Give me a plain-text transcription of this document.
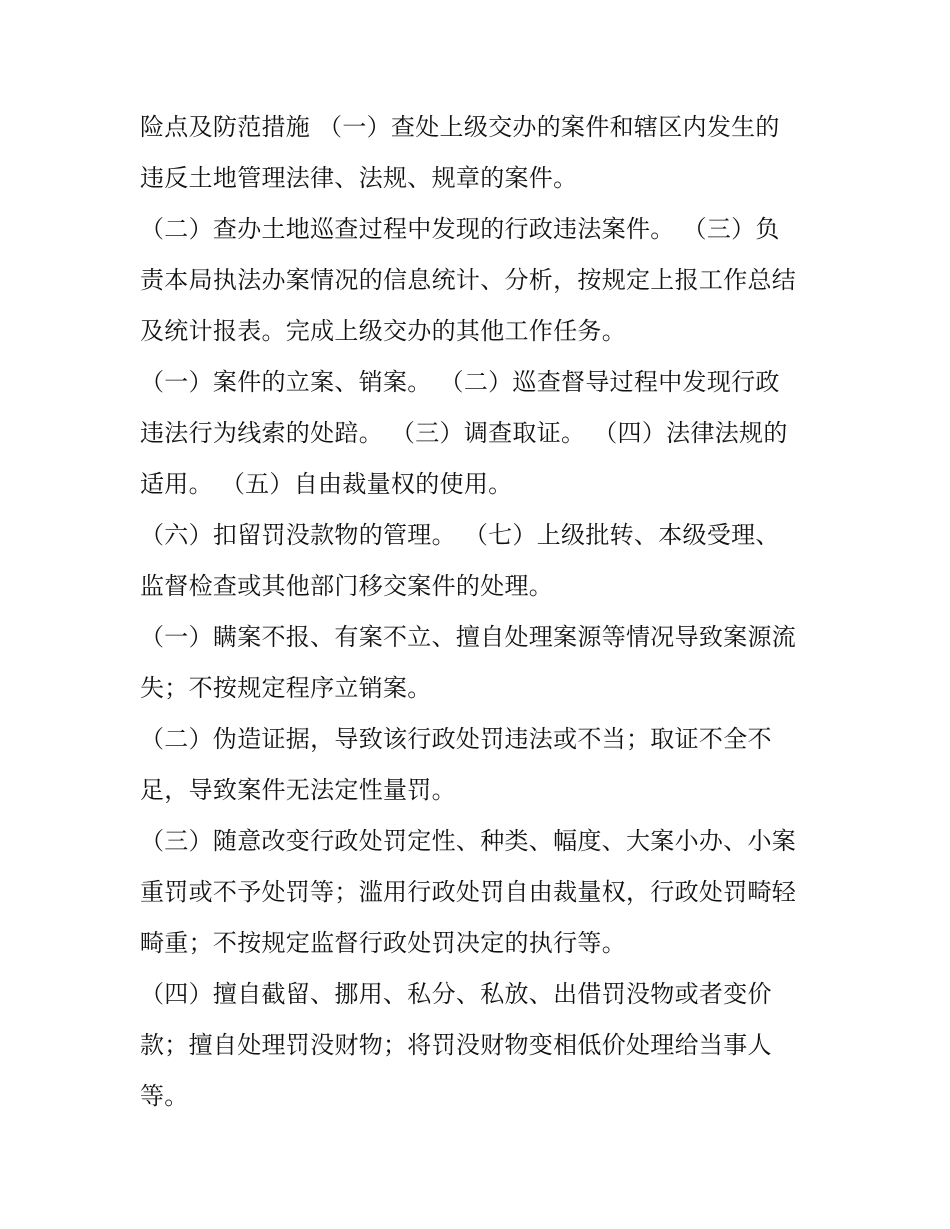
险点及防范措施 （一）查处上级交办的案件和辖区内发生的
违反土地管理法律、法规、规章的案件。
（二）查办土地巡查过程中发现的行政违法案件。 （三）负
责本局执法办案情况的信息统计、分析，按规定上报工作总结
及统计报表。完成上级交办的其他工作任务。
（一）案件的立案、销案。 （二）巡查督导过程中发现行政
违法行为线索的处踣。 （三）调查取证。 （四）法律法规的
适用。 （五）自由裁量权的使用。
（六）扣留罚没款物的管理。 （七）上级批转、本级受理、
监督检查或其他部门移交案件的处理。
（一）瞒案不报、有案不立、擅自处理案源等情况导致案源流
失；不按规定程序立销案。
（二）伪造证据，导致该行政处罚违法或不当；取证不全不
足，导致案件无法定性量罚。
（三）随意改变行政处罚定性、种类、幅度、大案小办、小案
重罚或不予处罚等；滥用行政处罚自由裁量权，行政处罚畸轻
畸重；不按规定监督行政处罚决定的执行等。
（四）擅自截留、挪用、私分、私放、出借罚没物或者变价
款；擅自处理罚没财物；将罚没财物变相低价处理给当事人
等。
